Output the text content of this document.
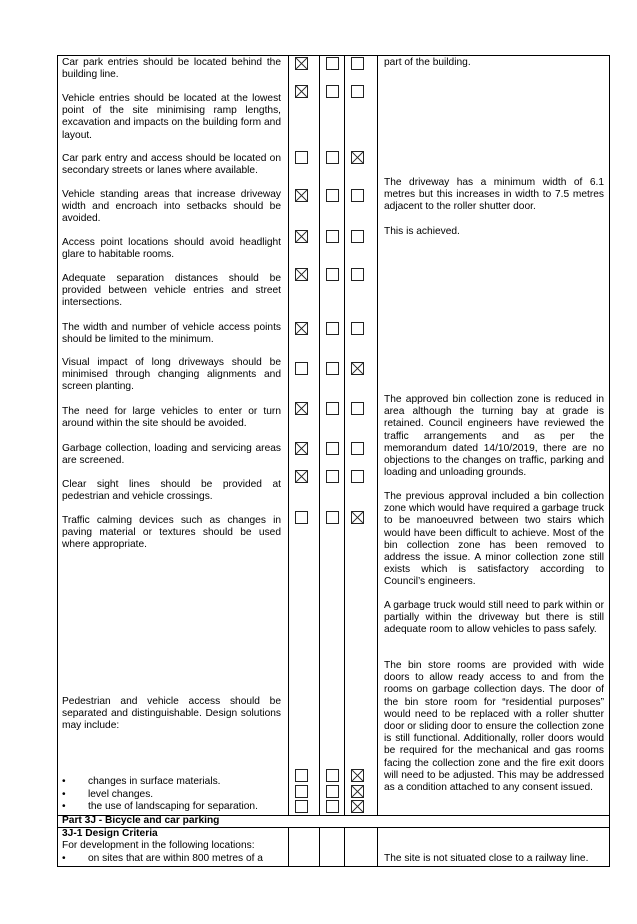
Car park entries should be located behind the building line.
Vehicle entries should be located at the lowest point of the site minimising ramp lengths, excavation and impacts on the building form and layout.
Car park entry and access should be located on secondary streets or lanes where available.
Vehicle standing areas that increase driveway width and encroach into setbacks should be avoided.
Access point locations should avoid headlight glare to habitable rooms.
Adequate separation distances should be provided between vehicle entries and street intersections.
The width and number of vehicle access points should be limited to the minimum.
Visual impact of long driveways should be minimised through changing alignments and screen planting.
The need for large vehicles to enter or turn around within the site should be avoided.
Garbage collection, loading and servicing areas are screened.
Clear sight lines should be provided at pedestrian and vehicle crossings.
Traffic calming devices such as changes in paving material or textures should be used where appropriate.
Pedestrian and vehicle access should be separated and distinguishable. Design solutions may include:
• changes in surface materials.
• level changes.
• the use of landscaping for separation.
part of the building.
The driveway has a minimum width of 6.1 metres but this increases in width to 7.5 metres adjacent to the roller shutter door.
This is achieved.
The approved bin collection zone is reduced in area although the turning bay at grade is retained. Council engineers have reviewed the traffic arrangements and as per the memorandum dated 14/10/2019, there are no objections to the changes on traffic, parking and loading and unloading grounds.
The previous approval included a bin collection zone which would have required a garbage truck to be manoeuvred between two stairs which would have been difficult to achieve. Most of the bin collection zone has been removed to address the issue. A minor collection zone still exists which is satisfactory according to Council’s engineers.
A garbage truck would still need to park within or partially within the driveway but there is still adequate room to allow vehicles to pass safely.
The bin store rooms are provided with wide doors to allow ready access to and from the rooms on garbage collection days. The door of the bin store room for “residential purposes” would need to be replaced with a roller shutter door or sliding door to ensure the collection zone is still functional. Additionally, roller doors would be required for the mechanical and gas rooms facing the collection zone and the fire exit doors will need to be adjusted. This may be addressed as a condition attached to any consent issued.
Part 3J - Bicycle and car parking
3J-1 Design Criteria
For development in the following locations:
• on sites that are within 800 metres of a	The site is not situated close to a railway line.
